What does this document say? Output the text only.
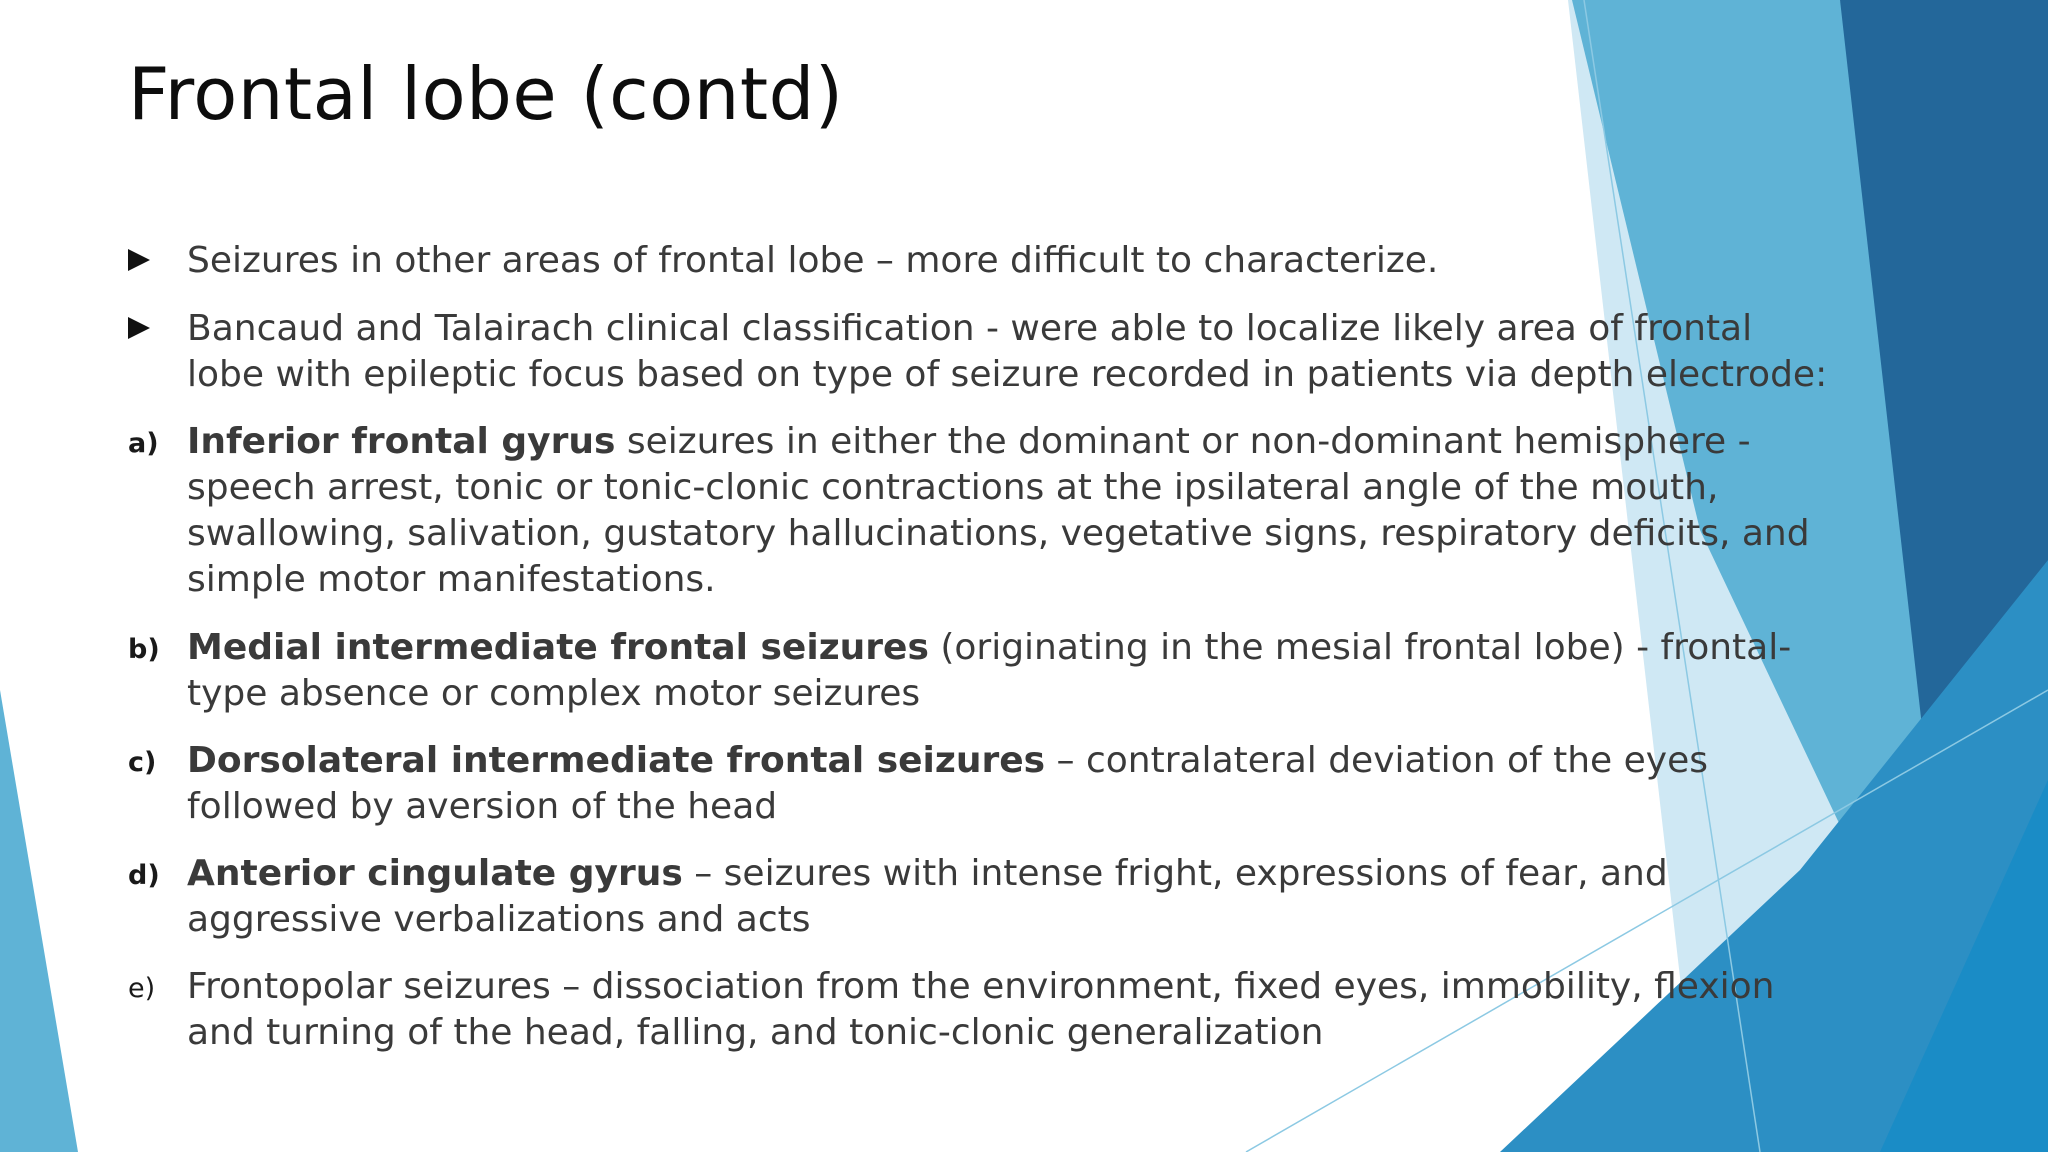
Frontal lobe (contd)
Seizures in other areas of frontal lobe – more difficult to characterize.
Bancaud and Talairach clinical classification - were able to localize likely area of frontal lobe with epileptic focus based on type of seizure recorded in patients via depth electrode:
a) Inferior frontal gyrus seizures in either the dominant or non-dominant hemisphere - speech arrest, tonic or tonic-clonic contractions at the ipsilateral angle of the mouth, swallowing, salivation, gustatory hallucinations, vegetative signs, respiratory deficits, and simple motor manifestations.
b) Medial intermediate frontal seizures (originating in the mesial frontal lobe) - frontal-type absence or complex motor seizures
c) Dorsolateral intermediate frontal seizures – contralateral deviation of the eyes followed by aversion of the head
d) Anterior cingulate gyrus – seizures with intense fright, expressions of fear, and aggressive verbalizations and acts
e) Frontopolar seizures – dissociation from the environment, fixed eyes, immobility, flexion and turning of the head, falling, and tonic-clonic generalization
